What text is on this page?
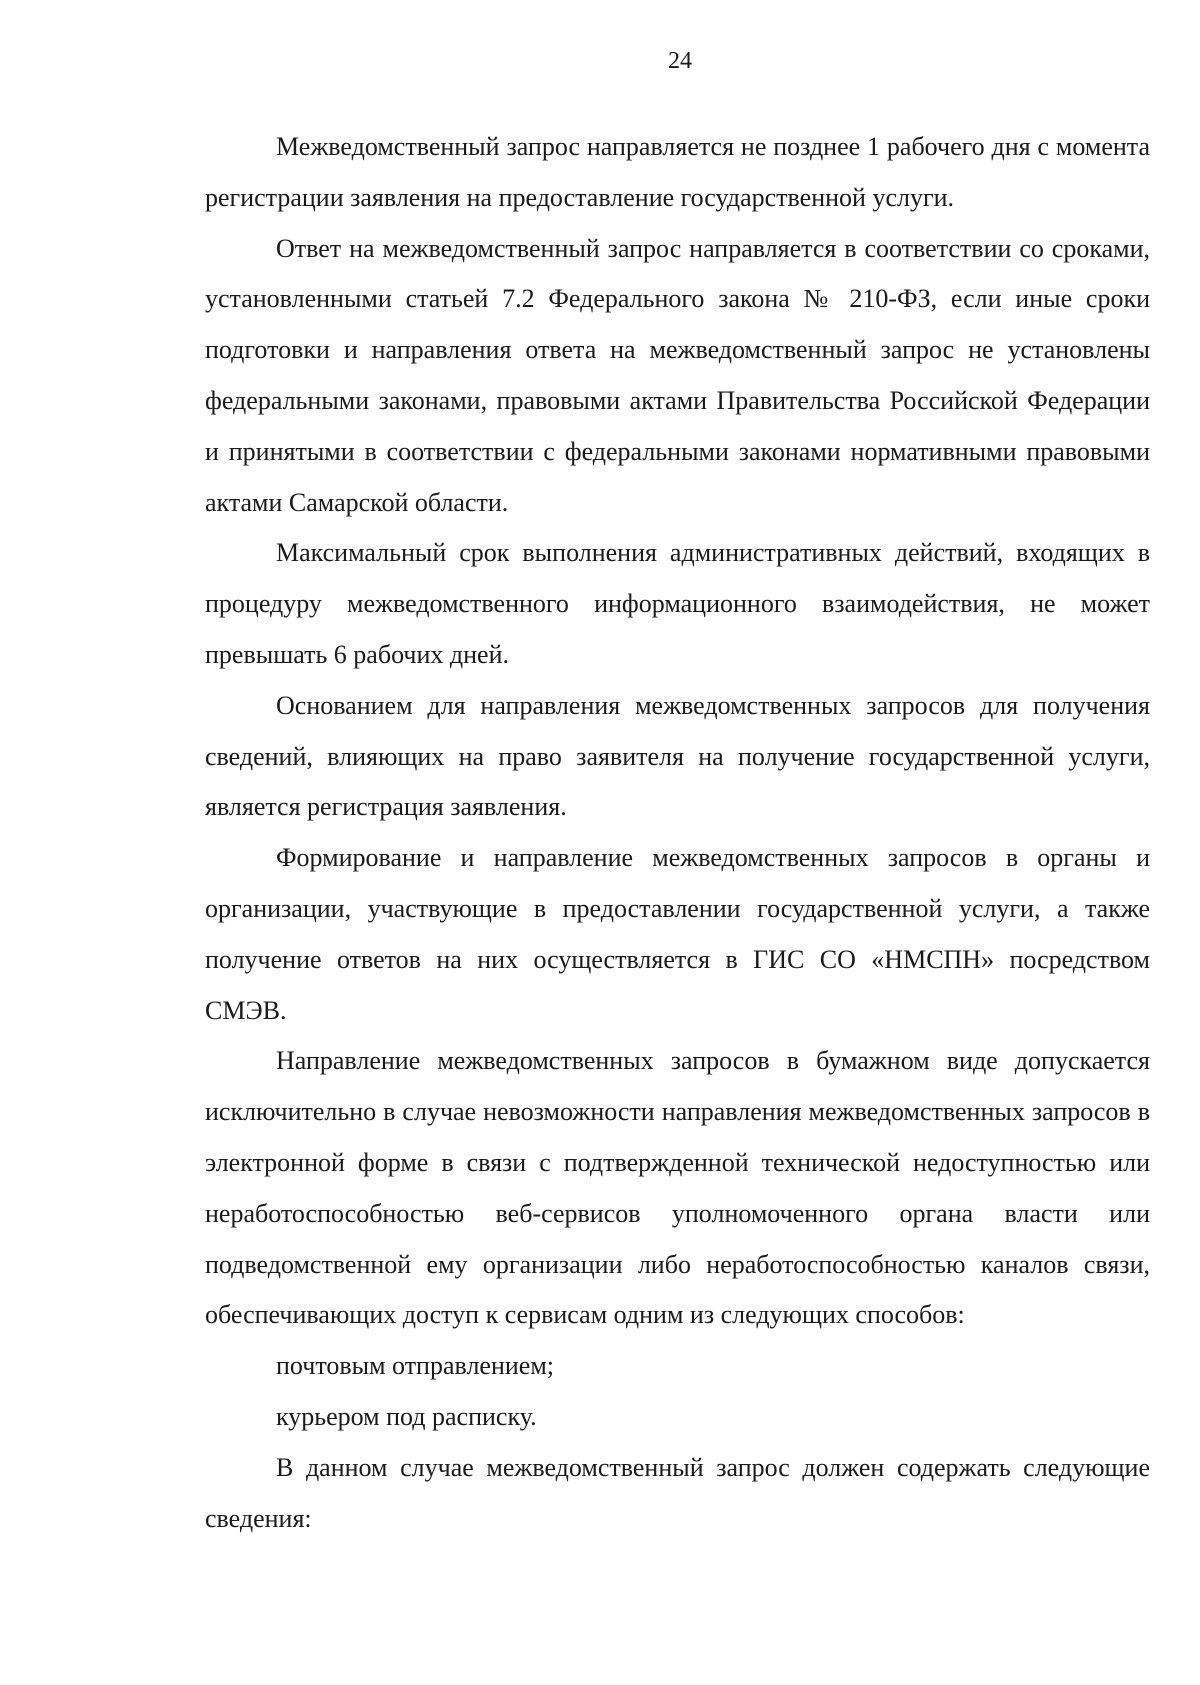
24

Межведомственный запрос направляется не позднее 1 рабочего дня с момента регистрации заявления на предоставление государственной услуги.

Ответ на межведомственный запрос направляется в соответствии со сроками, установленными статьей 7.2 Федерального закона № 210-ФЗ, если иные сроки подготовки и направления ответа на межведомственный запрос не установлены федеральными законами, правовыми актами Правительства Российской Федерации и принятыми в соответствии с федеральными законами нормативными правовыми актами Самарской области.

Максимальный срок выполнения административных действий, входящих в процедуру межведомственного информационного взаимодействия, не может превышать 6 рабочих дней.

Основанием для направления межведомственных запросов для получения сведений, влияющих на право заявителя на получение государственной услуги, является регистрация заявления.

Формирование и направление межведомственных запросов в органы и организации, участвующие в предоставлении государственной услуги, а также получение ответов на них осуществляется в ГИС СО «НМСПН» посредством СМЭВ.

Направление межведомственных запросов в бумажном виде допускается исключительно в случае невозможности направления межведомственных запросов в электронной форме в связи с подтвержденной технической недоступностью или неработоспособностью веб-сервисов уполномоченного органа власти или подведомственной ему организации либо неработоспособностью каналов связи, обеспечивающих доступ к сервисам одним из следующих способов:

почтовым отправлением;

курьером под расписку.

В данном случае межведомственный запрос должен содержать следующие сведения:
